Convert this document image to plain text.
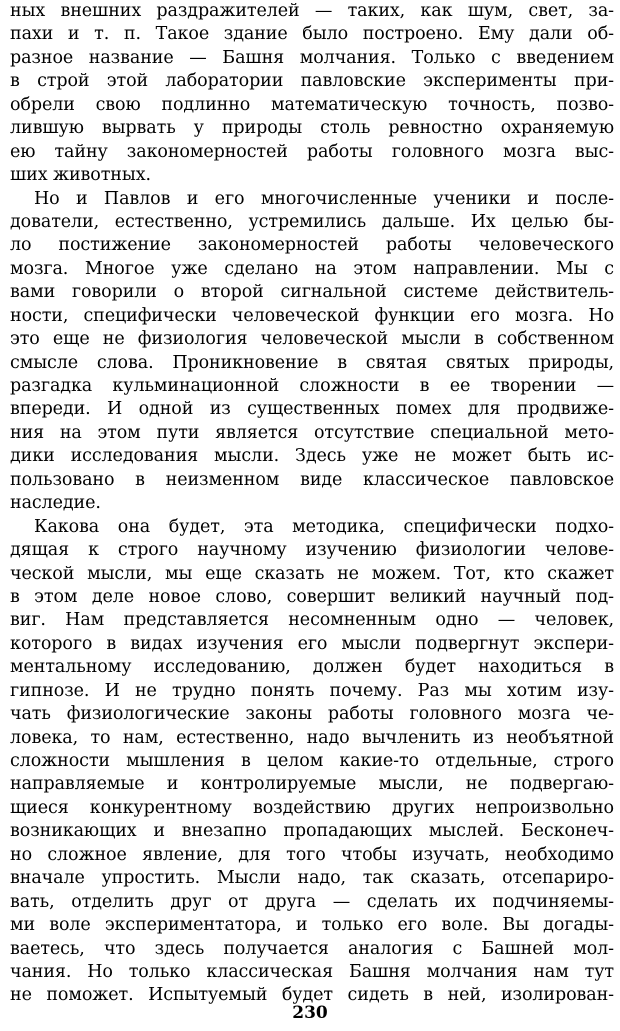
ных внешних раздражителей — таких, как шум, свет, за-
пахи и т. п. Такое здание было построено. Ему дали об-
разное название — Башня молчания. Только с введением
в строй этой лаборатории павловские эксперименты при-
обрели свою подлинно математическую точность, позво-
лившую вырвать у природы столь ревностно охраняемую
ею тайну закономерностей работы головного мозга выс-
ших животных.
Но и Павлов и его многочисленные ученики и после-
дователи, естественно, устремились дальше. Их целью бы-
ло постижение закономерностей работы человеческого
мозга. Многое уже сделано на этом направлении. Мы с
вами говорили о второй сигнальной системе действитель-
ности, специфически человеческой функции его мозга. Но
это еще не физиология человеческой мысли в собственном
смысле слова. Проникновение в святая святых природы,
разгадка кульминационной сложности в ее творении —
впереди. И одной из существенных помех для продвиже-
ния на этом пути является отсутствие специальной мето-
дики исследования мысли. Здесь уже не может быть ис-
пользовано в неизменном виде классическое павловское
наследие.
Какова она будет, эта методика, специфически подхо-
дящая к строго научному изучению физиологии челове-
ческой мысли, мы еще сказать не можем. Тот, кто скажет
в этом деле новое слово, совершит великий научный под-
виг. Нам представляется несомненным одно — человек,
которого в видах изучения его мысли подвергнут экспери-
ментальному исследованию, должен будет находиться в
гипнозе. И не трудно понять почему. Раз мы хотим изу-
чать физиологические законы работы головного мозга че-
ловека, то нам, естественно, надо вычленить из необъятной
сложности мышления в целом какие-то отдельные, строго
направляемые и контролируемые мысли, не подвергаю-
щиеся конкурентному воздействию других непроизвольно
возникающих и внезапно пропадающих мыслей. Бесконеч-
но сложное явление, для того чтобы изучать, необходимо
вначале упростить. Мысли надо, так сказать, отсепариро-
вать, отделить друг от друга — сделать их подчиняемы-
ми воле экспериментатора, и только его воле. Вы догады-
ваетесь, что здесь получается аналогия с Башней мол-
чания. Но только классическая Башня молчания нам тут
не поможет. Испытуемый будет сидеть в ней, изолирован-
230
